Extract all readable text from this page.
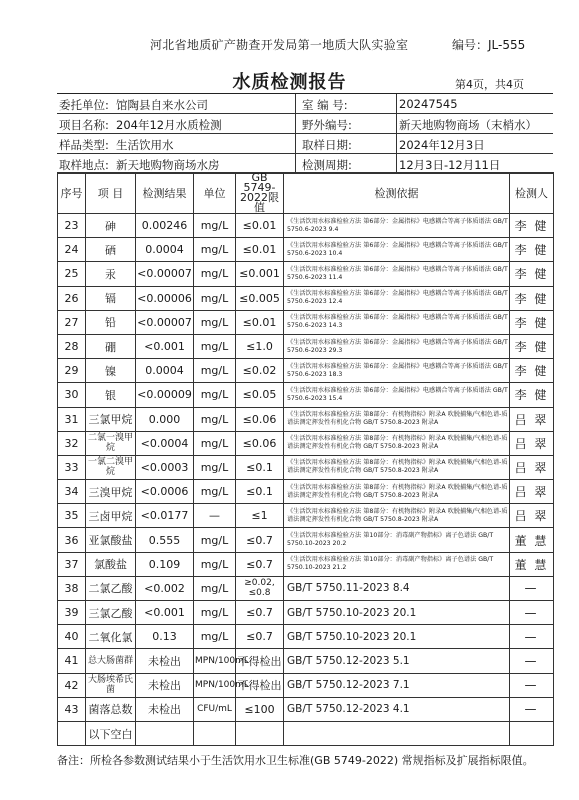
河北省地质矿产勘查开发局第一地质大队实验室	编号：JL-555
水质检测报告	第4页，共4页
委托单位: 馆陶县自来水公司	室 编 号:	20247545
项目名称: 204年12月水质检测	野外编号:	新天地购物商场（末梢水）
样品类型: 生活饮用水	取样日期:	2024年12月3日
取样地点: 新天地购物商场水房	检测周期:	12月3日-12月11日
序号	项 目	检测结果	单位	GB 5749-2022限值	检测依据	检测人
23	砷	0.00246	mg/L	≤0.01	《生活饮用水标准检验方法 第6部分：金属指标》电感耦合等离子体质谱法 GB/T 5750.6-2023 9.4	李 健
24	硒	0.0004	mg/L	≤0.01	《生活饮用水标准检验方法 第6部分：金属指标》电感耦合等离子体质谱法 GB/T 5750.6-2023 10.4	李 健
25	汞	<0.00007	mg/L	≤0.001	《生活饮用水标准检验方法 第6部分：金属指标》电感耦合等离子体质谱法 GB/T 5750.6-2023 11.4	李 健
26	镉	<0.00006	mg/L	≤0.005	《生活饮用水标准检验方法 第6部分：金属指标》电感耦合等离子体质谱法 GB/T 5750.6-2023 12.4	李 健
27	铅	<0.00007	mg/L	≤0.01	《生活饮用水标准检验方法 第6部分：金属指标》电感耦合等离子体质谱法 GB/T 5750.6-2023 14.3	李 健
28	硼	<0.001	mg/L	≤1.0	《生活饮用水标准检验方法 第6部分：金属指标》电感耦合等离子体质谱法 GB/T 5750.6-2023 29.3	李 健
29	镍	0.0004	mg/L	≤0.02	《生活饮用水标准检验方法 第6部分：金属指标》电感耦合等离子体质谱法 GB/T 5750.6-2023 18.3	李 健
30	银	<0.00009	mg/L	≤0.05	《生活饮用水标准检验方法 第6部分：金属指标》电感耦合等离子体质谱法 GB/T 5750.6-2023 15.4	李 健
31	三氯甲烷	0.000	mg/L	≤0.06	《生活饮用水标准检验方法 第8部分：有机物指标》附录A 吹脱捕集/气相色谱-质谱法测定挥发性有机化合物 GB/T 5750.8-2023 附录A	吕 翠
32	二氯一溴甲烷	<0.0004	mg/L	≤0.06	《生活饮用水标准检验方法 第8部分：有机物指标》附录A 吹脱捕集/气相色谱-质谱法测定挥发性有机化合物 GB/T 5750.8-2023 附录A	吕 翠
33	一氯二溴甲烷	<0.0003	mg/L	≤0.1	《生活饮用水标准检验方法 第8部分：有机物指标》附录A 吹脱捕集/气相色谱-质谱法测定挥发性有机化合物 GB/T 5750.8-2023 附录A	吕 翠
34	三溴甲烷	<0.0006	mg/L	≤0.1	《生活饮用水标准检验方法 第8部分：有机物指标》附录A 吹脱捕集/气相色谱-质谱法测定挥发性有机化合物 GB/T 5750.8-2023 附录A	吕 翠
35	三卤甲烷	<0.0177	—	≤1	《生活饮用水标准检验方法 第8部分：有机物指标》附录A 吹脱捕集/气相色谱-质谱法测定挥发性有机化合物 GB/T 5750.8-2023 附录A	吕 翠
36	亚氯酸盐	0.555	mg/L	≤0.7	《生活饮用水标准检验方法 第10部分：消毒副产物指标》离子色谱法 GB/T 5750.10-2023 20.2	董 慧
37	氯酸盐	0.109	mg/L	≤0.7	《生活饮用水标准检验方法 第10部分：消毒副产物指标》离子色谱法 GB/T 5750.10-2023 21.2	董 慧
38	二氯乙酸	<0.002	mg/L	≥0.02, ≤0.8	GB/T 5750.11-2023 8.4	—
39	三氯乙酸	<0.001	mg/L	≤0.7	GB/T 5750.10-2023 20.1	—
40	二氧化氯	0.13	mg/L	≤0.7	GB/T 5750.10-2023 20.1	—
41	总大肠菌群	未检出	MPN/100mL	不得检出	GB/T 5750.12-2023 5.1	—
42	大肠埃希氏菌	未检出	MPN/100mL	不得检出	GB/T 5750.12-2023 7.1	—
43	菌落总数	未检出	CFU/mL	≤100	GB/T 5750.12-2023 4.1	—
	以下空白					
备注：所检各参数测试结果小于生活饮用水卫生标准(GB 5749-2022) 常规指标及扩展指标限值。
